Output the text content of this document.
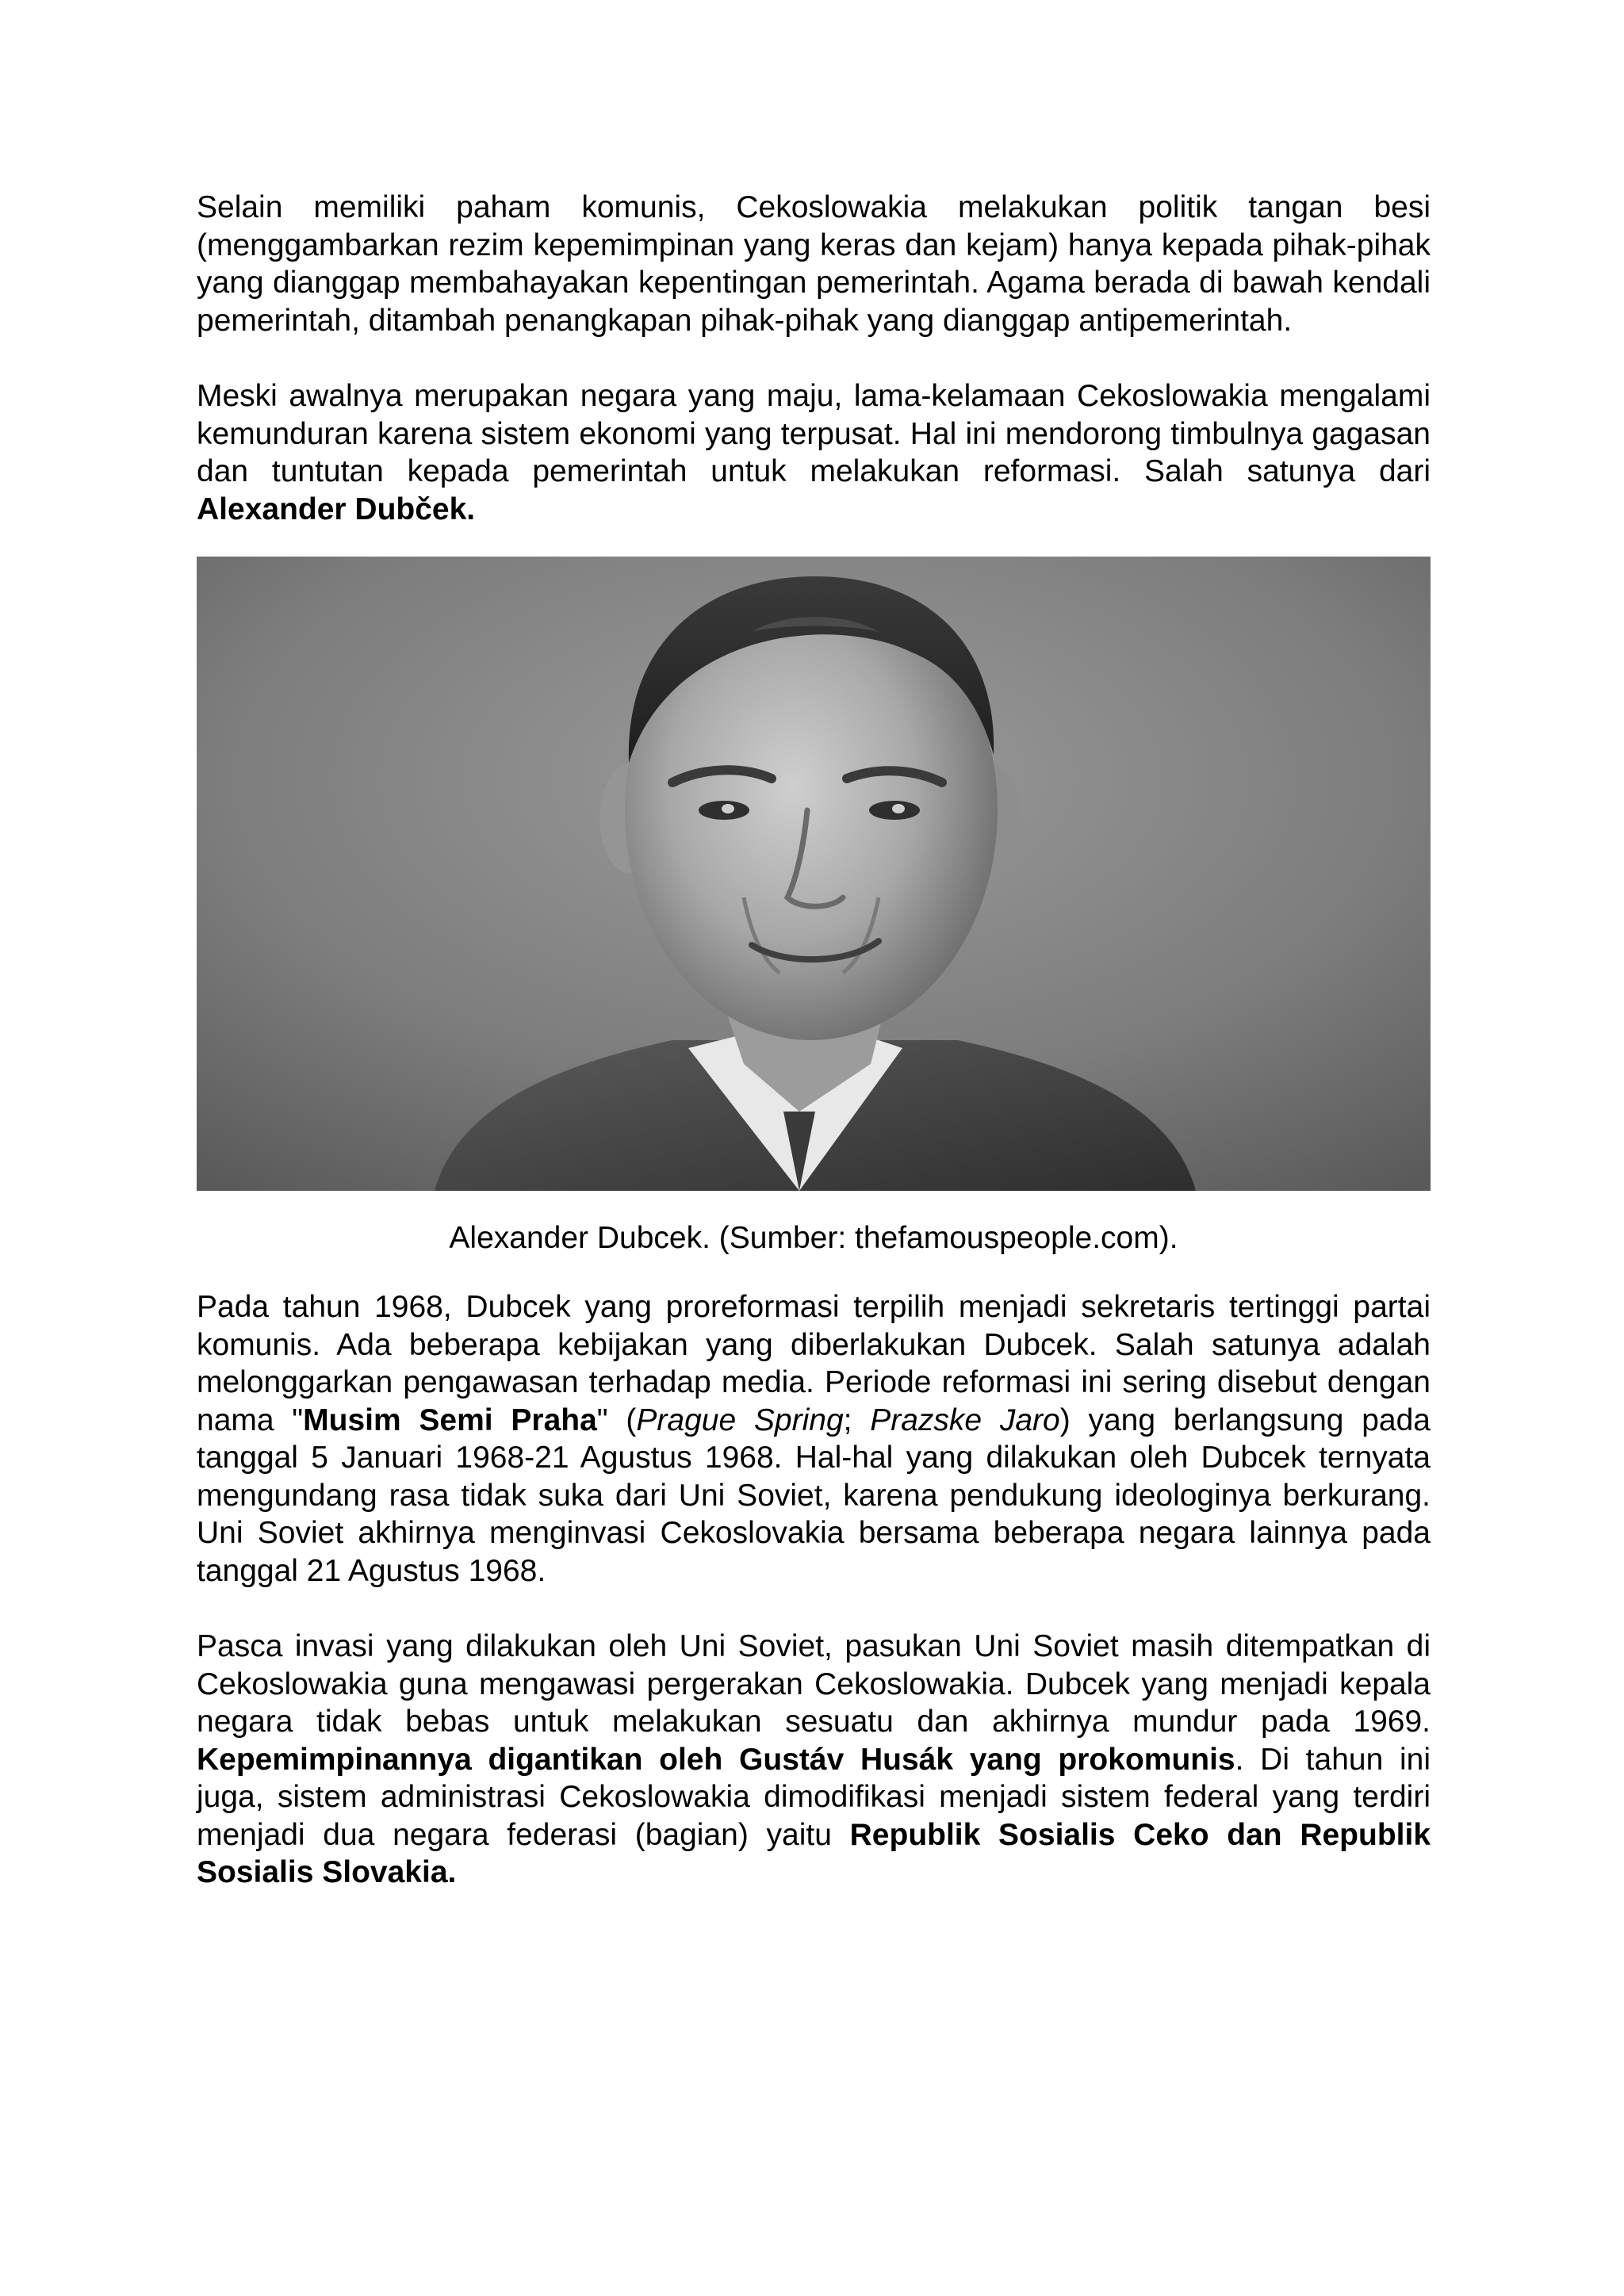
Selain memiliki paham komunis, Cekoslowakia melakukan politik tangan besi (menggambarkan rezim kepemimpinan yang keras dan kejam) hanya kepada pihak-pihak yang dianggap membahayakan kepentingan pemerintah. Agama berada di bawah kendali pemerintah, ditambah penangkapan pihak-pihak yang dianggap antipemerintah.

Meski awalnya merupakan negara yang maju, lama-kelamaan Cekoslowakia mengalami kemunduran karena sistem ekonomi yang terpusat. Hal ini mendorong timbulnya gagasan dan tuntutan kepada pemerintah untuk melakukan reformasi. Salah satunya dari Alexander Dubček.

Alexander Dubcek. (Sumber: thefamouspeople.com).

Pada tahun 1968, Dubcek yang proreformasi terpilih menjadi sekretaris tertinggi partai komunis. Ada beberapa kebijakan yang diberlakukan Dubcek. Salah satunya adalah melonggarkan pengawasan terhadap media. Periode reformasi ini sering disebut dengan nama "Musim Semi Praha" (Prague Spring; Prazske Jaro) yang berlangsung pada tanggal 5 Januari 1968-21 Agustus 1968. Hal-hal yang dilakukan oleh Dubcek ternyata mengundang rasa tidak suka dari Uni Soviet, karena pendukung ideologinya berkurang. Uni Soviet akhirnya menginvasi Cekoslovakia bersama beberapa negara lainnya pada tanggal 21 Agustus 1968.

Pasca invasi yang dilakukan oleh Uni Soviet, pasukan Uni Soviet masih ditempatkan di Cekoslowakia guna mengawasi pergerakan Cekoslowakia. Dubcek yang menjadi kepala negara tidak bebas untuk melakukan sesuatu dan akhirnya mundur pada 1969. Kepemimpinannya digantikan oleh Gustáv Husák yang prokomunis. Di tahun ini juga, sistem administrasi Cekoslowakia dimodifikasi menjadi sistem federal yang terdiri menjadi dua negara federasi (bagian) yaitu Republik Sosialis Ceko dan Republik Sosialis Slovakia.
